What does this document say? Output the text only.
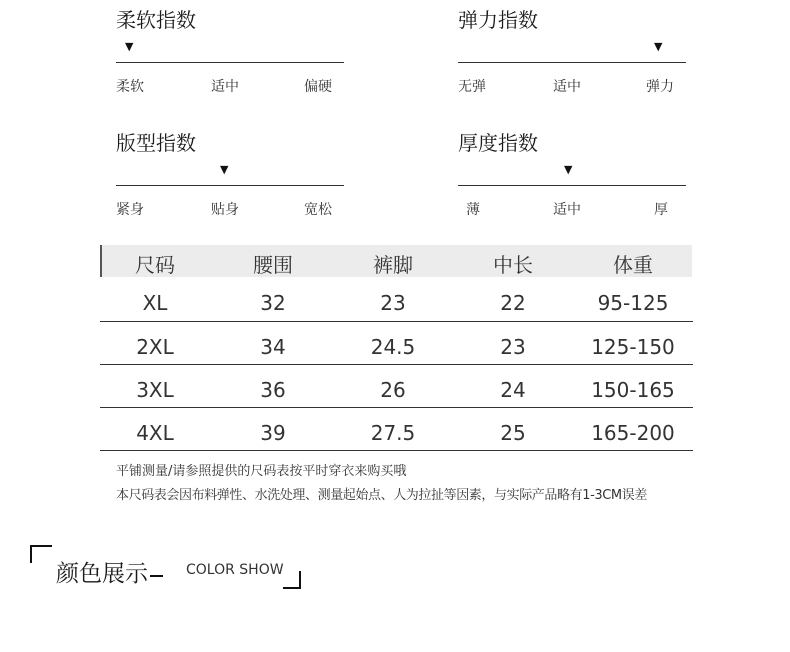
柔软指数
▼
柔软	适中	偏硬
弹力指数
▼
无弹	适中	弹力
版型指数
▼
紧身	贴身	宽松
厚度指数
▼
薄	适中	厚
尺码	腰围	裤脚	中长	体重
XL	32	23	22	95-125
2XL	34	24.5	23	125-150
3XL	36	26	24	150-165
4XL	39	27.5	25	165-200
平铺测量/请参照提供的尺码表按平时穿衣来购买哦
本尺码表会因布料弹性、水洗处理、测量起始点、人为拉扯等因素，与实际产品略有1-3CM误差
颜色展示	COLOR SHOW
